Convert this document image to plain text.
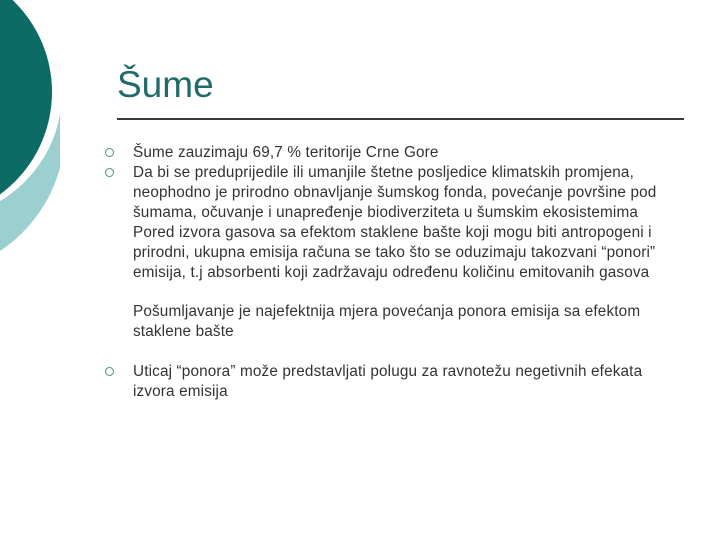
Šume
Šume zauzimaju 69,7 % teritorije Crne Gore
Da bi se preduprijedile ili umanjile štetne posljedice klimatskih promjena, neophodno je prirodno obnavljanje šumskog fonda, povećanje površine pod šumama, očuvanje i unapređenje biodiverziteta u šumskim ekosistemima
Pored izvora gasova sa efektom staklene bašte koji mogu biti antropogeni i prirodni, ukupna emisija računa se tako što se oduzimaju takozvani “ponori” emisija, t.j absorbenti koji zadržavaju određenu količinu emitovanih gasova
Pošumljavanje je najefektnija mjera povećanja ponora emisija sa efektom staklene bašte
Uticaj “ponora” može predstavljati polugu za ravnotežu negetivnih efekata izvora emisija
